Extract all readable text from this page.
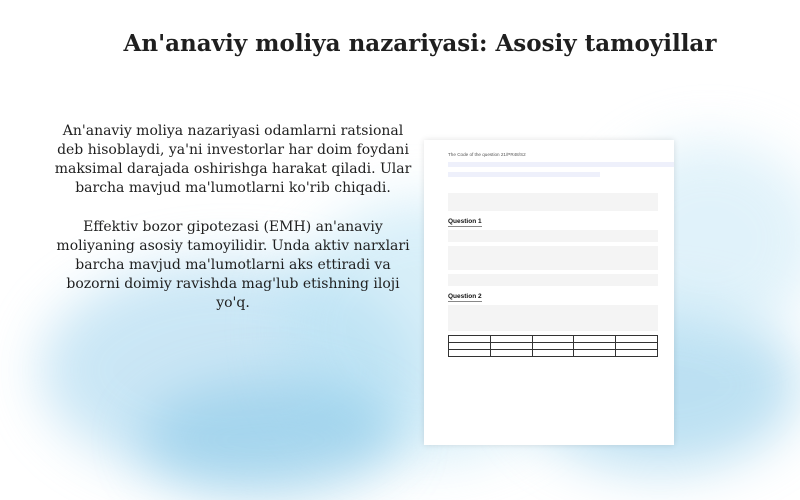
An'anaviy moliya nazariyasi: Asosiy tamoyillar

An'anaviy moliya nazariyasi odamlarni ratsional deb hisoblaydi, ya'ni investorlar har doim foydani maksimal darajada oshirishga harakat qiladi. Ular barcha mavjud ma'lumotlarni ko'rib chiqadi.

Effektiv bozor gipotezasi (EMH) an'anaviy moliyaning asosiy tamoyilidir. Unda aktiv narxlari barcha mavjud ma'lumotlarni aks ettiradi va bozorni doimiy ravishda mag'lub etishning iloji yo'q.

The Code of the question 21/PR48/S2

Question 1
Question 2
